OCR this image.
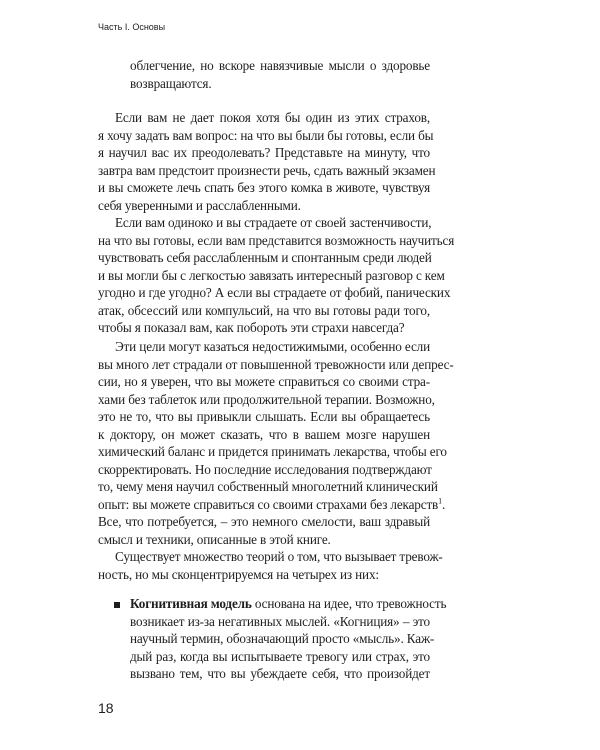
Часть I. Основы
облегчение, но вскоре навязчивые мысли о здоровье
возвращаются.
Если вам не дает покоя хотя бы один из этих страхов,
я хочу задать вам вопрос: на что вы были бы готовы, если бы
я научил вас их преодолевать? Представьте на минуту, что
завтра вам предстоит произнести речь, сдать важный экзамен
и вы сможете лечь спать без этого комка в животе, чувствуя
себя уверенными и расслабленными.
Если вам одиноко и вы страдаете от своей застенчивости,
на что вы готовы, если вам представится возможность научиться
чувствовать себя расслабленным и спонтанным среди людей
и вы могли бы с легкостью завязать интересный разговор с кем
угодно и где угодно? А если вы страдаете от фобий, панических
атак, обсессий или компульсий, на что вы готовы ради того,
чтобы я показал вам, как побороть эти страхи навсегда?
Эти цели могут казаться недостижимыми, особенно если
вы много лет страдали от повышенной тревожности или депрес-
сии, но я уверен, что вы можете справиться со своими стра-
хами без таблеток или продолжительной терапии. Возможно,
это не то, что вы привыкли слышать. Если вы обращаетесь
к доктору, он может сказать, что в вашем мозге нарушен
химический баланс и придется принимать лекарства, чтобы его
скорректировать. Но последние исследования подтверждают
то, чему меня научил собственный многолетний клинический
опыт: вы можете справиться со своими страхами без лекарств$^1$.
Все, что потребуется, – это немного смелости, ваш здравый
смысл и техники, описанные в этой книге.
Существует множество теорий о том, что вызывает тревож-
ность, но мы сконцентрируемся на четырех из них:
Когнитивная модель основана на идее, что тревожность
возникает из-за негативных мыслей. «Когниция» – это
научный термин, обозначающий просто «мысль». Каж-
дый раз, когда вы испытываете тревогу или страх, это
вызвано тем, что вы убеждаете себя, что произойдет
18
